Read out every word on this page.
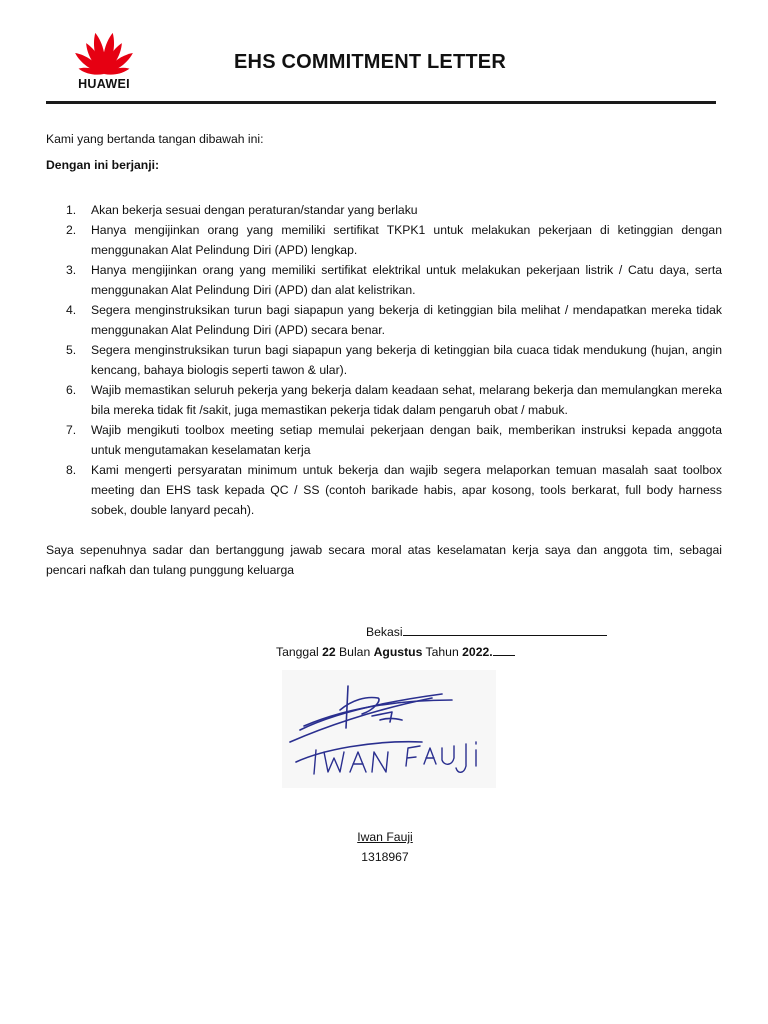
HUAWEI
EHS COMMITMENT LETTER
Kami yang bertanda tangan dibawah ini:
Dengan ini berjanji:
1. Akan bekerja sesuai dengan peraturan/standar yang berlaku
2. Hanya mengijinkan orang yang memiliki sertifikat TKPK1 untuk melakukan pekerjaan di ketinggian dengan menggunakan Alat Pelindung Diri (APD) lengkap.
3. Hanya mengijinkan orang yang memiliki sertifikat elektrikal untuk melakukan pekerjaan listrik / Catu daya, serta menggunakan Alat Pelindung Diri (APD) dan alat kelistrikan.
4. Segera menginstruksikan turun bagi siapapun yang bekerja di ketinggian bila melihat / mendapatkan mereka tidak menggunakan Alat Pelindung Diri (APD) secara benar.
5. Segera menginstruksikan turun bagi siapapun yang bekerja di ketinggian bila cuaca tidak mendukung (hujan, angin kencang, bahaya biologis seperti tawon & ular).
6. Wajib memastikan seluruh pekerja yang bekerja dalam keadaan sehat, melarang bekerja dan memulangkan mereka bila mereka tidak fit /sakit, juga memastikan pekerja tidak dalam pengaruh obat / mabuk.
7. Wajib mengikuti toolbox meeting setiap memulai pekerjaan dengan baik, memberikan instruksi kepada anggota untuk mengutamakan keselamatan kerja
8. Kami mengerti persyaratan minimum untuk bekerja dan wajib segera melaporkan temuan masalah saat toolbox meeting dan EHS task kepada QC / SS (contoh barikade habis, apar kosong, tools berkarat, full body harness sobek, double lanyard pecah).
Saya sepenuhnya sadar dan bertanggung jawab secara moral atas keselamatan kerja saya dan anggota tim, sebagai pencari nafkah dan tulang punggung keluarga
Bekasi
Tanggal 22 Bulan Agustus Tahun 2022.
Iwan Fauji
1318967
